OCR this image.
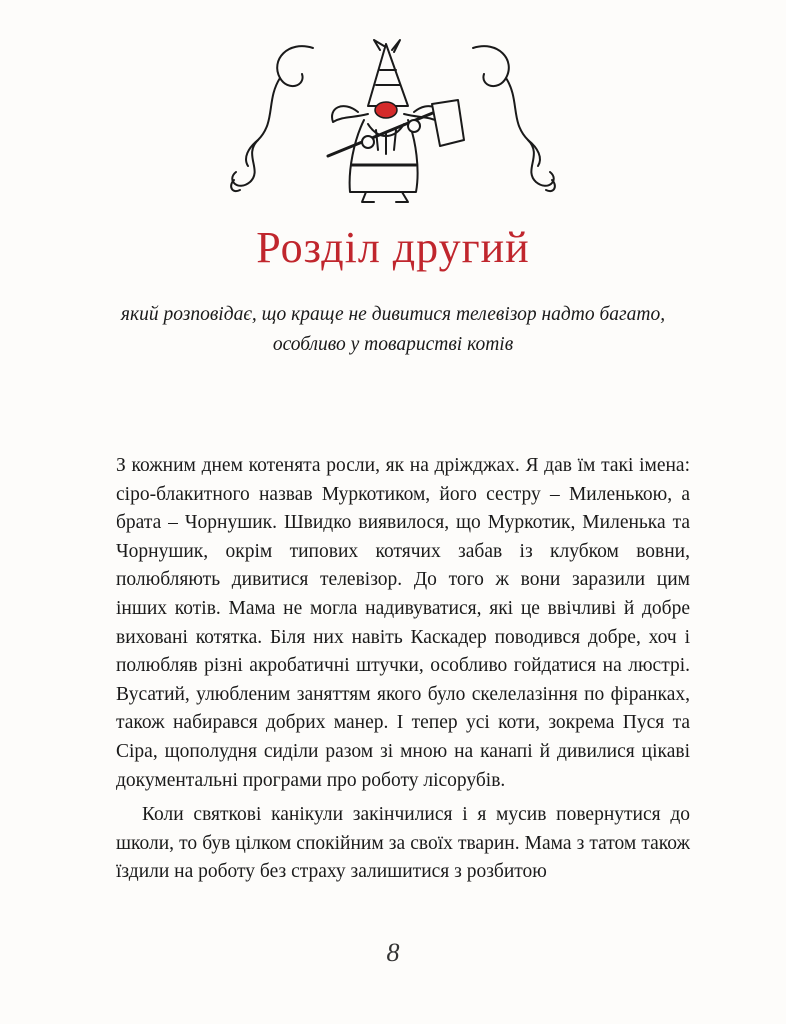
Розділ другий
який розповідає, що краще не дивитися телевізор надто багато,
особливо у товаристві котів

З кожним днем котенята росли, як на дріжджах. Я дав їм такі імена: сіро-блакитного назвав Муркотиком, його сестру – Миленькою, а брата – Чорнушик. Швидко виявилося, що Муркотик, Миленька та Чорнушик, окрім типових котячих забав із клубком вовни, полюбляють дивитися телевізор. До того ж вони заразили цим інших котів. Мама не могла надивуватися, які це ввічливі й добре виховані котятка. Біля них навіть Каскадер поводився добре, хоч і полюбляв різні акробатичні штучки, особливо гойдатися на люстрі. Вусатий, улюбленим заняттям якого було скелелазіння по фіранках, також набирався добрих манер. І тепер усі коти, зокрема Пуся та Сіра, щополудня сиділи разом зі мною на канапі й дивилися цікаві документальні програми про роботу лісорубів.

Коли святкові канікули закінчилися і я мусив повернутися до школи, то був цілком спокійним за своїх тварин. Мама з татом також їздили на роботу без страху залишитися з розбитою

8
